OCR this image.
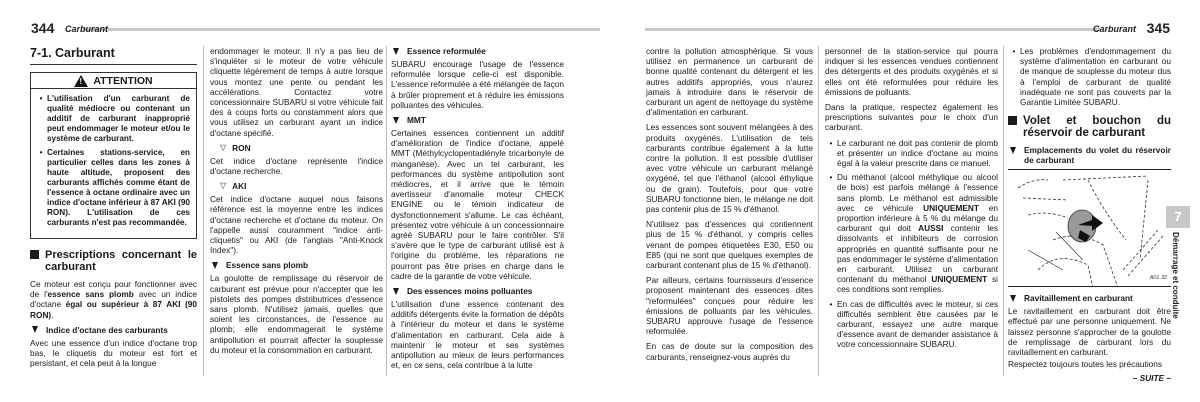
344 Carburant
7-1. Carburant
!
ATTENTION
• L'utilisation d'un carburant de qualité médiocre ou contenant un additif de carburant inapproprié peut endommager le moteur et/ou le système de carburant.
• Certaines stations-service, en particulier celles dans les zones à haute altitude, proposent des carburants affichés comme étant de l'essence à octane ordinaire avec un indice d'octane inférieur à 87 AKI (90 RON). L'utilisation de ces carburants n'est pas recommandée.
Prescriptions concernant le carburant

Ce moteur est conçu pour fonctionner avec de l'essence sans plomb avec un indice d'octane égal ou supérieur à 87 AKI (90 RON).

Indice d'octane des carburants

Avec une essence d'un indice d'octane trop bas, le cliquetis du moteur est fort et persistant, et cela peut à la longue

endommager le moteur. Il n'y a pas lieu de s'inquiéter si le moteur de votre véhicule cliquette légèrement de temps à autre lorsque vous montez une pente ou pendant les accélérations. Contactez votre concessionnaire SUBARU si votre véhicule fait des à coups forts ou constamment alors que vous utilisez un carburant ayant un indice d'octane spécifié.

▽ RON

Cet indice d'octane représente l'indice d'octane recherche.

▽ AKI

Cet indice d'octane auquel nous faisons référence est la moyenne entre les indices d'octane recherche et d'octane du moteur. On l'appelle aussi couramment "indice anti-cliquetis" ou AKI (de l'anglais "Anti-Knock Index").

Essence sans plomb

La goulotte de remplissage du réservoir de carburant est prévue pour n'accepter que les pistolets des pompes distributrices d'essence sans plomb. N'utilisez jamais, quelles que soient les circonstances, de l'essence au plomb; elle endommagerait le système antipollution et pourrait affecter la souplesse du moteur et la consommation en carburant.

Essence reformulée

SUBARU encourage l'usage de l'essence reformulée lorsque celle-ci est disponible. L'essence reformulée a été mélangée de façon à brûler proprement et à réduire les émissions polluantes des véhicules.

MMT

Certaines essences contiennent un additif d'amélioration de l'indice d'octane, appelé MMT (Méthylcyclopentadiényle tricarbonyle de manganèse). Avec un tel carburant, les performances du système antipollution sont médiocres, et il arrive que le témoin avertisseur d'anomalie moteur CHECK ENGINE ou le témoin indicateur de dysfonctionnement s'allume. Le cas échéant, présentez votre véhicule à un concessionnaire agréé SUBARU pour le faire contrôler. S'il s'avère que le type de carburant utilisé est à l'origine du problème, les réparations ne pourront pas être prises en charge dans le cadre de la garantie de votre véhicule.

Des essences moins polluantes

L'utilisation d'une essence contenant des additifs détergents évite la formation de dépôts à l'intérieur du moteur et dans le système d'alimentation en carburant. Cela aide à maintenir le moteur et ses systèmes antipollution au mieux de leurs performances et, en ce sens, cela contribue à la lutte

Carburant 345

contre la pollution atmosphérique. Si vous utilisez en permanence un carburant de bonne qualité contenant du détergent et les autres additifs appropriés, vous n'aurez jamais à introduire dans le réservoir de carburant un agent de nettoyage du système d'alimentation en carburant.

Les essences sont souvent mélangées à des produits oxygénés. L'utilisation de tels carburants contribue également à la lutte contre la pollution. Il est possible d'utiliser avec votre véhicule un carburant mélangé oxygéné, tel que l'éthanol (alcool éthylique ou de grain). Toutefois, pour que votre SUBARU fonctionne bien, le mélange ne doit pas contenir plus de 15 % d'éthanol.

N'utilisez pas d'essences qui contiennent plus de 15 % d'éthanol, y compris celles venant de pompes étiquetées E30, E50 ou E85 (qui ne sont que quelques exemples de carburant contenant plus de 15 % d'éthanol).

Par ailleurs, certains fournisseurs d'essence proposent maintenant des essences dites "reformulées" conçues pour réduire les émissions de polluants par les véhicules. SUBARU approuve l'usage de l'essence reformulée.

En cas de doute sur la composition des carburants, renseignez-vous auprès du

personnel de la station-service qui pourra indiquer si les essences vendues contiennent des détergents et des produits oxygénés et si elles ont été reformulées pour réduire les émissions de polluants.

Dans la pratique, respectez également les prescriptions suivantes pour le choix d'un carburant.

• Le carburant ne doit pas contenir de plomb et présenter un indice d'octane au moins égal à la valeur prescrite dans ce manuel.
• Du méthanol (alcool méthylique ou alcool de bois) est parfois mélangé à l'essence sans plomb. Le méthanol est admissible avec ce véhicule UNIQUEMENT en proportion inférieure à 5 % du mélange du carburant qui doit AUSSI contenir les dissolvants et inhibiteurs de corrosion appropriés en quantité suffisante pour ne pas endommager le système d'alimentation en carburant. Utilisez un carburant contenant du méthanol UNIQUEMENT si ces conditions sont remplies.
• En cas de difficultés avec le moteur, si ces difficultés semblent être causées par le carburant, essayez une autre marque d'essence avant de demander assistance à votre concessionnaire SUBARU.
• Les problèmes d'endommagement du système d'alimentation en carburant ou de manque de souplesse du moteur dus à l'emploi de carburant de qualité inadéquate ne sont pas couverts par la Garantie Limitée SUBARU.
Volet et bouchon du réservoir de carburant
Emplacements du volet du réservoir de carburant
A01.32
Ravitaillement en carburant

Le ravitaillement en carburant doit être effectué par une personne uniquement. Ne laissez personne s'approcher de la goulotte de remplissage de carburant lors du ravitaillement en carburant.

Respectez toujours toutes les précautions

– SUITE –
7
Démarrage et conduite
